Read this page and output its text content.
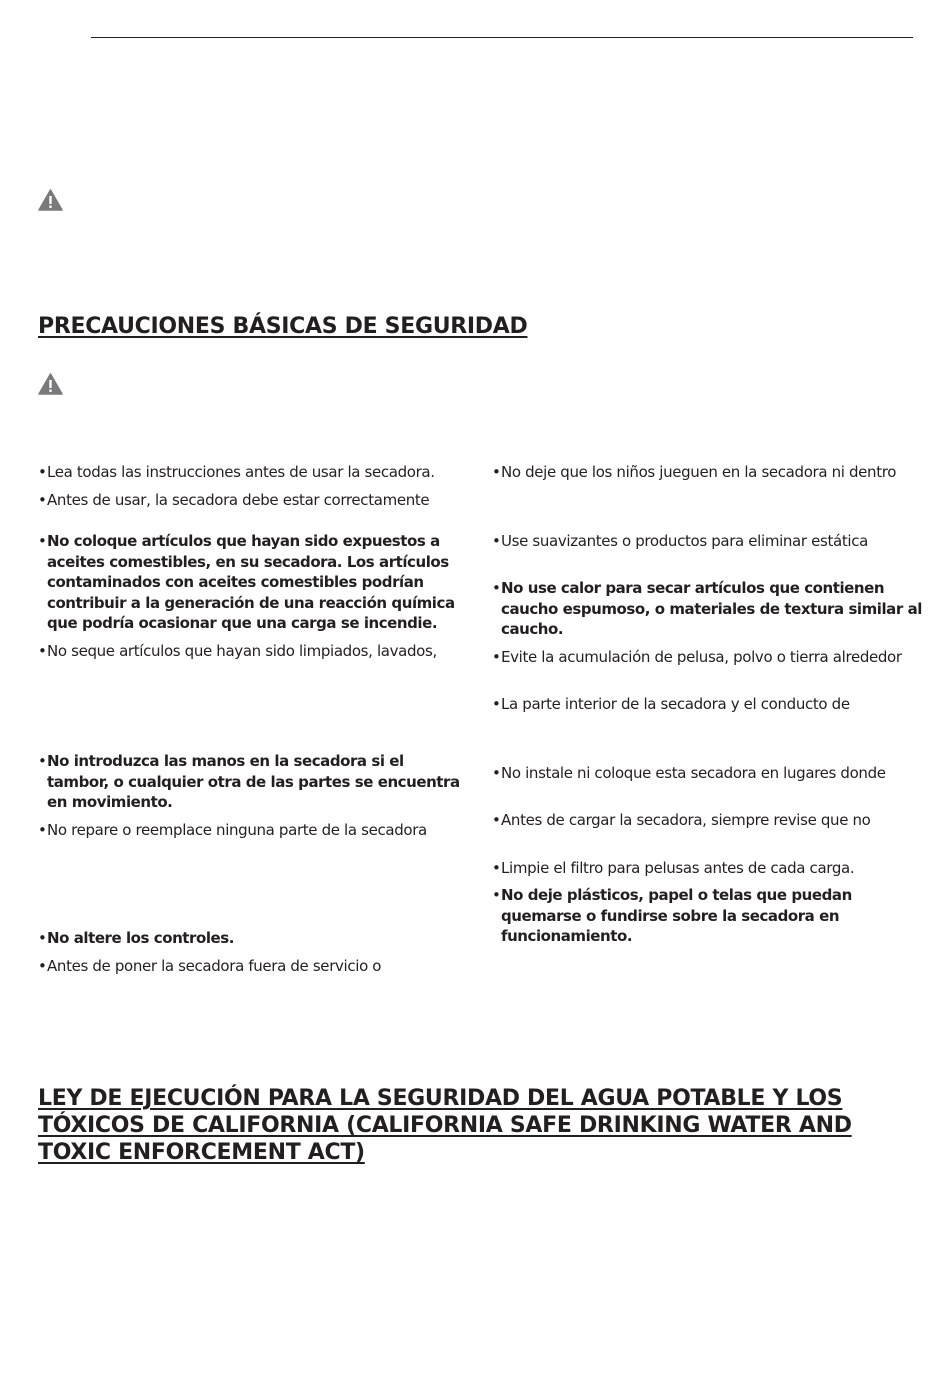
PRECAUCIONES BÁSICAS DE SEGURIDAD
• Lea todas las instrucciones antes de usar la secadora.
• Antes de usar, la secadora debe estar correctamente
• No coloque artículos que hayan sido expuestos a aceites comestibles, en su secadora. Los artículos contaminados con aceites comestibles podrían contribuir a la generación de una reacción química que podría ocasionar que una carga se incendie.
• No seque artículos que hayan sido limpiados, lavados,
• No introduzca las manos en la secadora si el tambor, o cualquier otra de las partes se encuentra en movimiento.
• No repare o reemplace ninguna parte de la secadora
• No altere los controles.
• Antes de poner la secadora fuera de servicio o
• No deje que los niños jueguen en la secadora ni dentro
• Use suavizantes o productos para eliminar estática
• No use calor para secar artículos que contienen caucho espumoso, o materiales de textura similar al caucho.
• Evite la acumulación de pelusa, polvo o tierra alrededor
• La parte interior de la secadora y el conducto de
• No instale ni coloque esta secadora en lugares donde
• Antes de cargar la secadora, siempre revise que no
• Limpie el filtro para pelusas antes de cada carga.
• No deje plásticos, papel o telas que puedan quemarse o fundirse sobre la secadora en funcionamiento.
LEY DE EJECUCIÓN PARA LA SEGURIDAD DEL AGUA POTABLE Y LOS TÓXICOS DE CALIFORNIA (CALIFORNIA SAFE DRINKING WATER AND TOXIC ENFORCEMENT ACT)
